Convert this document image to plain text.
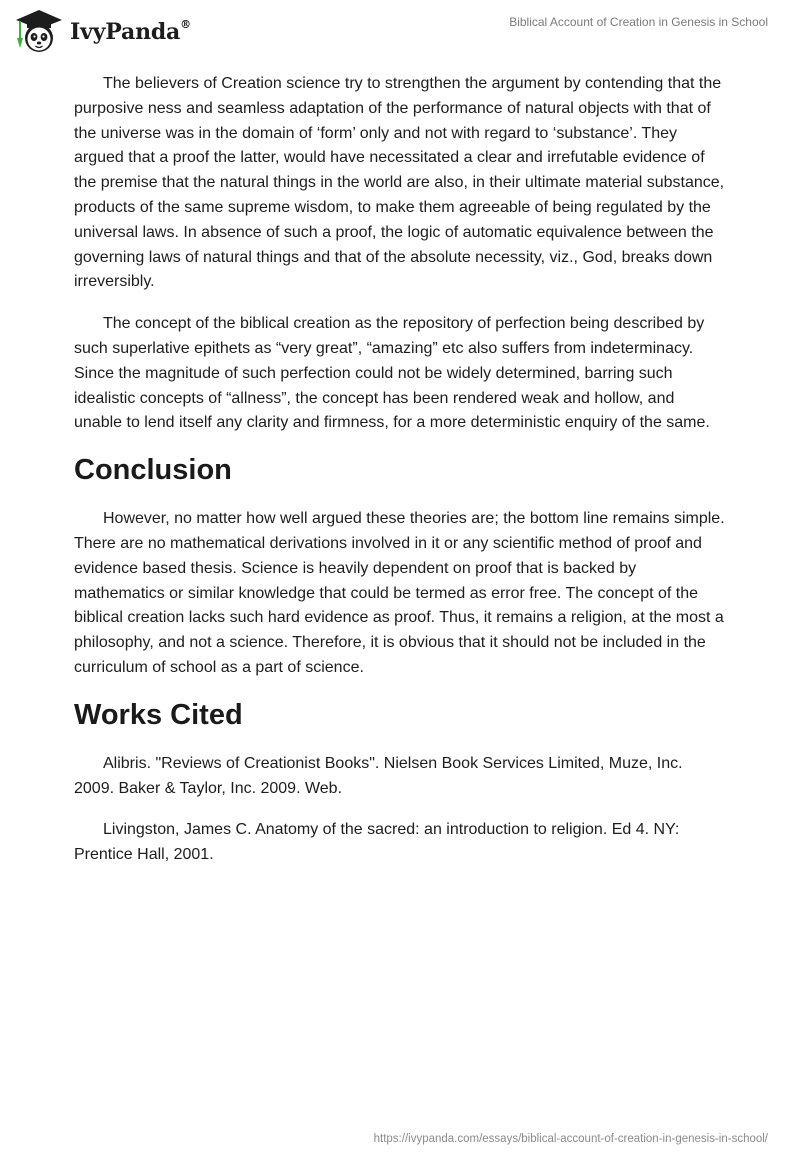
IvyPanda®	Biblical Account of Creation in Genesis in School

The believers of Creation science try to strengthen the argument by contending that the purposive ness and seamless adaptation of the performance of natural objects with that of the universe was in the domain of ‘form’ only and not with regard to ‘substance’. They argued that a proof the latter, would have necessitated a clear and irrefutable evidence of the premise that the natural things in the world are also, in their ultimate material substance, products of the same supreme wisdom, to make them agreeable of being regulated by the universal laws. In absence of such a proof, the logic of automatic equivalence between the governing laws of natural things and that of the absolute necessity, viz., God, breaks down irreversibly.

The concept of the biblical creation as the repository of perfection being described by such superlative epithets as “very great”, “amazing” etc also suffers from indeterminacy. Since the magnitude of such perfection could not be widely determined, barring such idealistic concepts of “allness”, the concept has been rendered weak and hollow, and unable to lend itself any clarity and firmness, for a more deterministic enquiry of the same.

Conclusion

However, no matter how well argued these theories are; the bottom line remains simple. There are no mathematical derivations involved in it or any scientific method of proof and evidence based thesis. Science is heavily dependent on proof that is backed by mathematics or similar knowledge that could be termed as error free. The concept of the biblical creation lacks such hard evidence as proof. Thus, it remains a religion, at the most a philosophy, and not a science. Therefore, it is obvious that it should not be included in the curriculum of school as a part of science.

Works Cited

Alibris. "Reviews of Creationist Books". Nielsen Book Services Limited, Muze, Inc. 2009. Baker & Taylor, Inc. 2009. Web.

Livingston, James C. Anatomy of the sacred: an introduction to religion. Ed 4. NY: Prentice Hall, 2001.

https://ivypanda.com/essays/biblical-account-of-creation-in-genesis-in-school/
